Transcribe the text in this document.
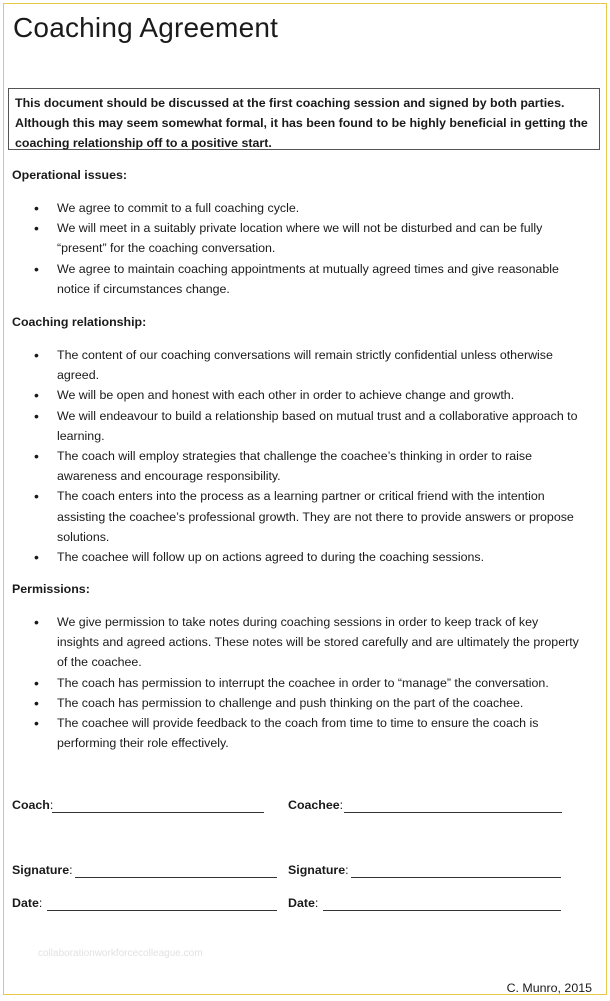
Coaching Agreement
This document should be discussed at the first coaching session and signed by both parties. Although this may seem somewhat formal, it has been found to be highly beneficial in getting the coaching relationship off to a positive start.
Operational issues:
• We agree to commit to a full coaching cycle.
• We will meet in a suitably private location where we will not be disturbed and can be fully “present” for the coaching conversation.
• We agree to maintain coaching appointments at mutually agreed times and give reasonable notice if circumstances change.
Coaching relationship:
• The content of our coaching conversations will remain strictly confidential unless otherwise agreed.
• We will be open and honest with each other in order to achieve change and growth.
• We will endeavour to build a relationship based on mutual trust and a collaborative approach to learning.
• The coach will employ strategies that challenge the coachee’s thinking in order to raise awareness and encourage responsibility.
• The coach enters into the process as a learning partner or critical friend with the intention assisting the coachee’s professional growth. They are not there to provide answers or propose solutions.
• The coachee will follow up on actions agreed to during the coaching sessions.
Permissions:
• We give permission to take notes during coaching sessions in order to keep track of key insights and agreed actions. These notes will be stored carefully and are ultimately the property of the coachee.
• The coach has permission to interrupt the coachee in order to “manage” the conversation.
• The coach has permission to challenge and push thinking on the part of the coachee.
• The coachee will provide feedback to the coach from time to time to ensure the coach is performing their role effectively.
Coach:	Coachee:
Signature:	Signature:
Date:	Date:
collaborationworkforcecolleague.com
C. Munro, 2015
